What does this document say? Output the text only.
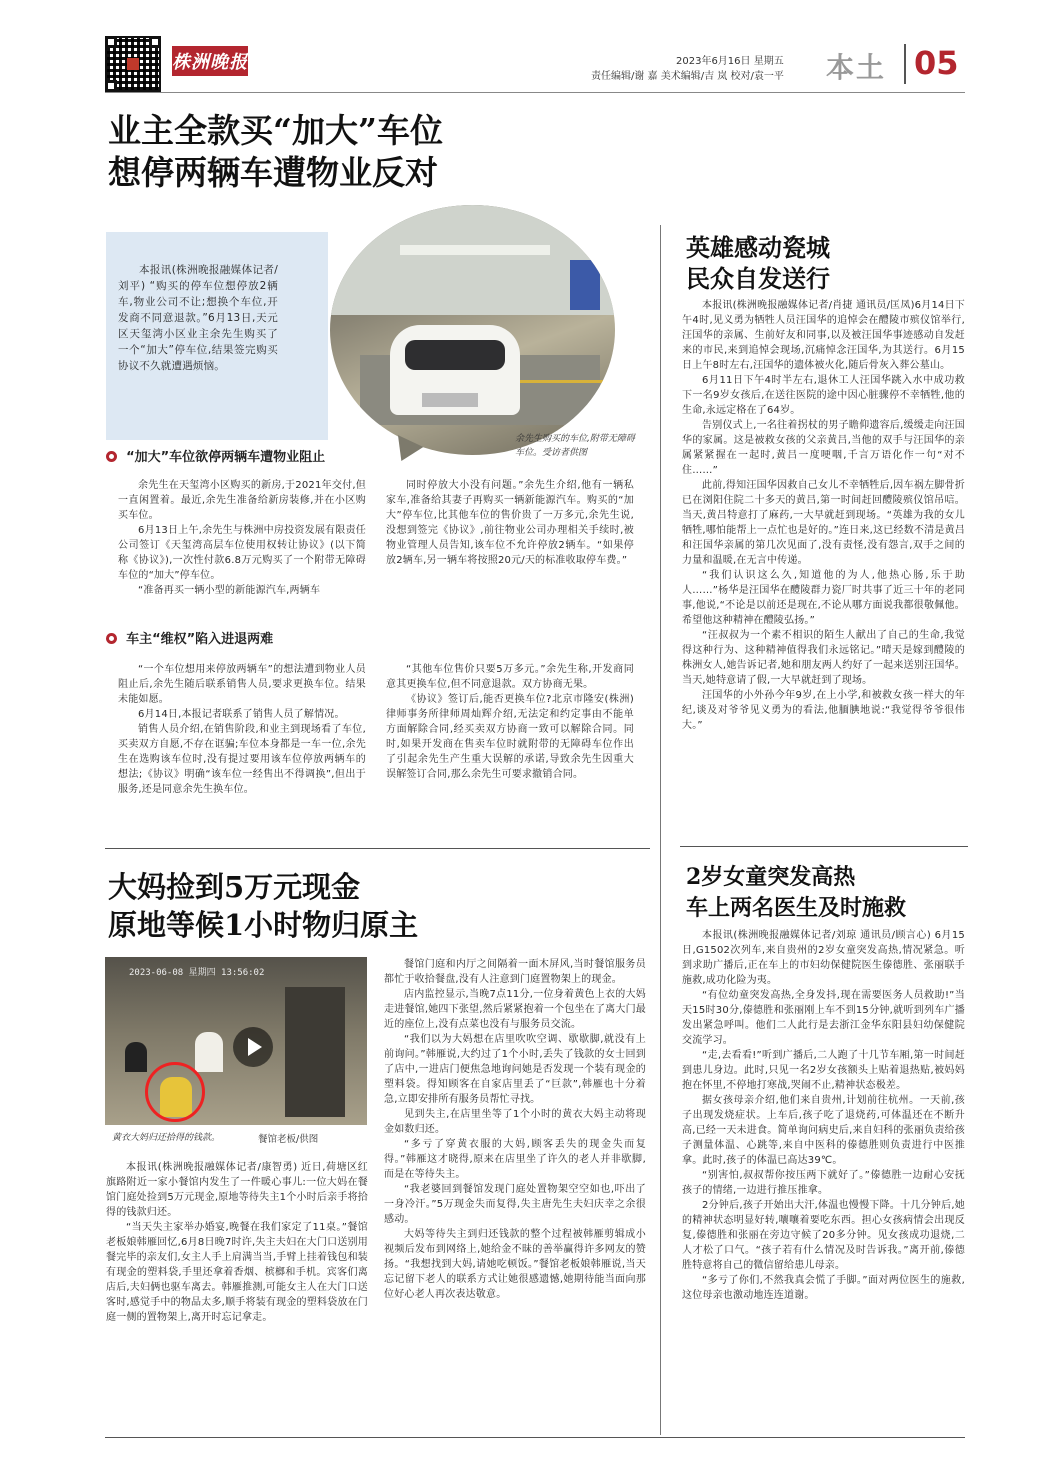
株洲晚报	2023年6月16日 星期五
责任编辑/谢 嘉 美术编辑/吉 岚 校对/袁一平 本土 05
业主全款买“加大”车位
想停两辆车遭物业反对

本报讯(株洲晚报融媒体记者/刘平) “购买的停车位想停放2辆车,物业公司不让;想换个车位,开发商不同意退款。”6月13日,天元区天玺湾小区业主余先生购买了一个“加大”停车位,结果签完购买协议不久就遭遇烦恼。

余先生购买的车位,附带无障碍车位。受访者供图
“加大”车位欲停两辆车遭物业阻止

余先生在天玺湾小区购买的新房,于2021年交付,但一直闲置着。最近,余先生准备给新房装修,并在小区购买车位。

6月13日上午,余先生与株洲中房投资发展有限责任公司签订《天玺湾高层车位使用权转让协议》(以下简称《协议》),一次性付款6.8万元购买了一个附带无障碍车位的“加大”停车位。

“准备再买一辆小型的新能源汽车,两辆车

同时停放大小没有问题。”余先生介绍,他有一辆私家车,准备给其妻子再购买一辆新能源汽车。购买的“加大”停车位,比其他车位的售价贵了一万多元,余先生说,没想到签完《协议》,前往物业公司办理相关手续时,被物业管理人员告知,该车位不允许停放2辆车。“如果停放2辆车,另一辆车将按照20元/天的标准收取停车费。”

车主“维权”陷入进退两难

“一个车位想用来停放两辆车”的想法遭到物业人员阻止后,余先生随后联系销售人员,要求更换车位。结果未能如愿。

6月14日,本报记者联系了销售人员了解情况。

销售人员介绍,在销售阶段,和业主到现场看了车位,买卖双方自愿,不存在诓骗;车位本身都是一车一位,余先生在选购该车位时,没有提过要用该车位停放两辆车的想法;《协议》明确“该车位一经售出不得调换”,但出于服务,还是同意余先生换车位。

“其他车位售价只要5万多元。”余先生称,开发商同意其更换车位,但不同意退款。双方协商无果。

《协议》签订后,能否更换车位?北京市隆安(株洲)律师事务所律师周灿辉介绍,无法定和约定事由不能单方面解除合同,经买卖双方协商一致可以解除合同。同时,如果开发商在售卖车位时就附带的无障碍车位作出了引起余先生产生重大误解的承诺,导致余先生因重大误解签订合同,那么余先生可要求撤销合同。

大妈捡到5万元现金
原地等候1小时物归原主
2023-06-08 星期四 13:56:02
黄衣大妈归还拾得的钱款。	餐馆老板/供图

本报讯(株洲晚报融媒体记者/康智勇) 近日,荷塘区红旗路附近一家小餐馆内发生了一件暖心事儿:一位大妈在餐馆门庭处捡到5万元现金,原地等待失主1个小时后亲手将拾得的钱款归还。

“当天失主家举办婚宴,晚餐在我们家定了11桌。”餐馆老板娘韩雁回忆,6月8日晚7时许,失主夫妇在大门口送别用餐完毕的亲友们,女主人手上肩满当当,手臂上挂着钱包和装有现金的塑料袋,手里还拿着香烟、槟榔和手机。宾客们离店后,夫妇俩也驱车离去。韩雁推测,可能女主人在大门口送客时,感觉手中的物品太多,顺手将装有现金的塑料袋放在门庭一侧的置物架上,离开时忘记拿走。

餐馆门庭和内厅之间隔着一面木屏风,当时餐馆服务员都忙于收拾餐盘,没有人注意到门庭置物架上的现金。

店内监控显示,当晚7点11分,一位身着黄色上衣的大妈走进餐馆,她四下张望,然后紧紧抱着一个包坐在了离大门最近的座位上,没有点菜也没有与服务员交流。

“我们以为大妈想在店里吹吹空调、歇歇脚,就没有上前询问。”韩雁说,大约过了1个小时,丢失了钱款的女士回到了店中,一进店门便焦急地询问她是否发现一个装有现金的塑料袋。得知顾客在自家店里丢了“巨款”,韩雁也十分着急,立即安排所有服务员帮忙寻找。

见到失主,在店里坐等了1个小时的黄衣大妈主动将现金如数归还。

“多亏了穿黄衣服的大妈,顾客丢失的现金失而复得。”韩雁这才晓得,原来在店里坐了许久的老人并非歇脚,而是在等待失主。

“我老婆回到餐馆发现门庭处置物架空空如也,吓出了一身冷汗。”5万现金失而复得,失主唐先生夫妇庆幸之余很感动。

大妈等待失主到归还钱款的整个过程被韩雁剪辑成小视频后发布到网络上,她给金不昧的善举赢得许多网友的赞扬。“我想找到大妈,请她吃顿饭。”餐馆老板娘韩雁说,当天忘记留下老人的联系方式让她很感遗憾,她期待能当面向那位好心老人再次表达敬意。

英雄感动瓷城
民众自发送行

本报讯(株洲晚报融媒体记者/肖捷 通讯员/匡凤)6月14日下午4时,见义勇为牺牲人员汪国华的追悼会在醴陵市殡仪馆举行,汪国华的亲属、生前好友和同事,以及被汪国华事迹感动自发赶来的市民,来到追悼会现场,沉痛悼念汪国华,为其送行。6月15日上午8时左右,汪国华的遗体被火化,随后骨灰入葬公墓山。

6月11日下午4时半左右,退休工人汪国华跳入水中成功救下一名9岁女孩后,在送往医院的途中因心脏骤停不幸牺牲,他的生命,永远定格在了64岁。

告别仪式上,一名往着拐杖的男子瞻仰遗容后,缓缓走向汪国华的家属。这是被救女孩的父亲黄吕,当他的双手与汪国华的亲属紧紧握在一起时,黄吕一度哽咽,千言万语化作一句“对不住……”

此前,得知汪国华因救自己女儿不幸牺牲后,因车祸左脚骨折已在浏阳住院二十多天的黄吕,第一时间赶回醴陵殡仪馆吊唁。当天,黄吕特意打了麻药,一大早就赶到现场。“英雄为我的女儿牺牲,哪怕能帮上一点忙也是好的。”连日来,这已经数不清是黄吕和汪国华亲属的第几次见面了,没有责怪,没有怨言,双手之间的力量和温暖,在无言中传递。

“我们认识这么久,知道他的为人,他热心肠,乐于助人……”杨华是汪国华在醴陵群力瓷厂时共事了近三十年的老同事,他说,“不论是以前还是现在,不论从哪方面说我都很敬佩他。希望他这种精神在醴陵弘扬。”

“汪叔叔为一个素不相识的陌生人献出了自己的生命,我觉得这种行为、这种精神值得我们永远铭记。”晴天是嫁到醴陵的株洲女人,她告诉记者,她和朋友两人约好了一起来送别汪国华。当天,她特意请了假,一大早就赶到了现场。

汪国华的小外孙今年9岁,在上小学,和被救女孩一样大的年纪,谈及对爷爷见义勇为的看法,他腼腆地说:“我觉得爷爷很伟大。”

2岁女童突发高热
车上两名医生及时施救

本报讯(株洲晚报融媒体记者/刘琼 通讯员/顾言心) 6月15日,G1502次列车,来自贵州的2岁女童突发高热,情况紧急。听到求助广播后,正在车上的市妇幼保健院医生傣德胜、张丽联手施救,成功化险为夷。

“有位幼童突发高热,全身发抖,现在需要医务人员救助!”当天15时30分,傣德胜和张丽刚上车不到15分钟,就听到列车广播发出紧急呼叫。他们二人此行是去浙江金华东阳县妇幼保健院交流学习。

“走,去看看!”听到广播后,二人跑了十几节车厢,第一时间赶到患儿身边。此时,只见一名2岁女孩额头上贴着退热贴,被妈妈抱在怀里,不停地打寒战,哭闹不止,精神状态极差。

据女孩母亲介绍,他们来自贵州,计划前往杭州。一天前,孩子出现发烧症状。上车后,孩子吃了退烧药,可体温还在不断升高,已经一天未进食。简单询问病史后,来自妇科的张丽负责给孩子测量体温、心跳等,来自中医科的傣德胜则负责进行中医推拿。此时,孩子的体温已高达39℃。

“别害怕,叔叔帮你按压两下就好了。”傣德胜一边耐心安抚孩子的情绪,一边进行推压推拿。

2分钟后,孩子开始出大汗,体温也慢慢下降。十几分钟后,她的精神状态明显好转,嚷嚷着要吃东西。担心女孩病情会出现反复,傣德胜和张丽在旁边守候了20多分钟。见女孩成功退烧,二人才松了口气。“孩子若有什么情况及时告诉我。”离开前,傣德胜特意将自己的微信留给患儿母亲。

“多亏了你们,不然我真会慌了手脚。”面对两位医生的施救,这位母亲也激动地连连道谢。
